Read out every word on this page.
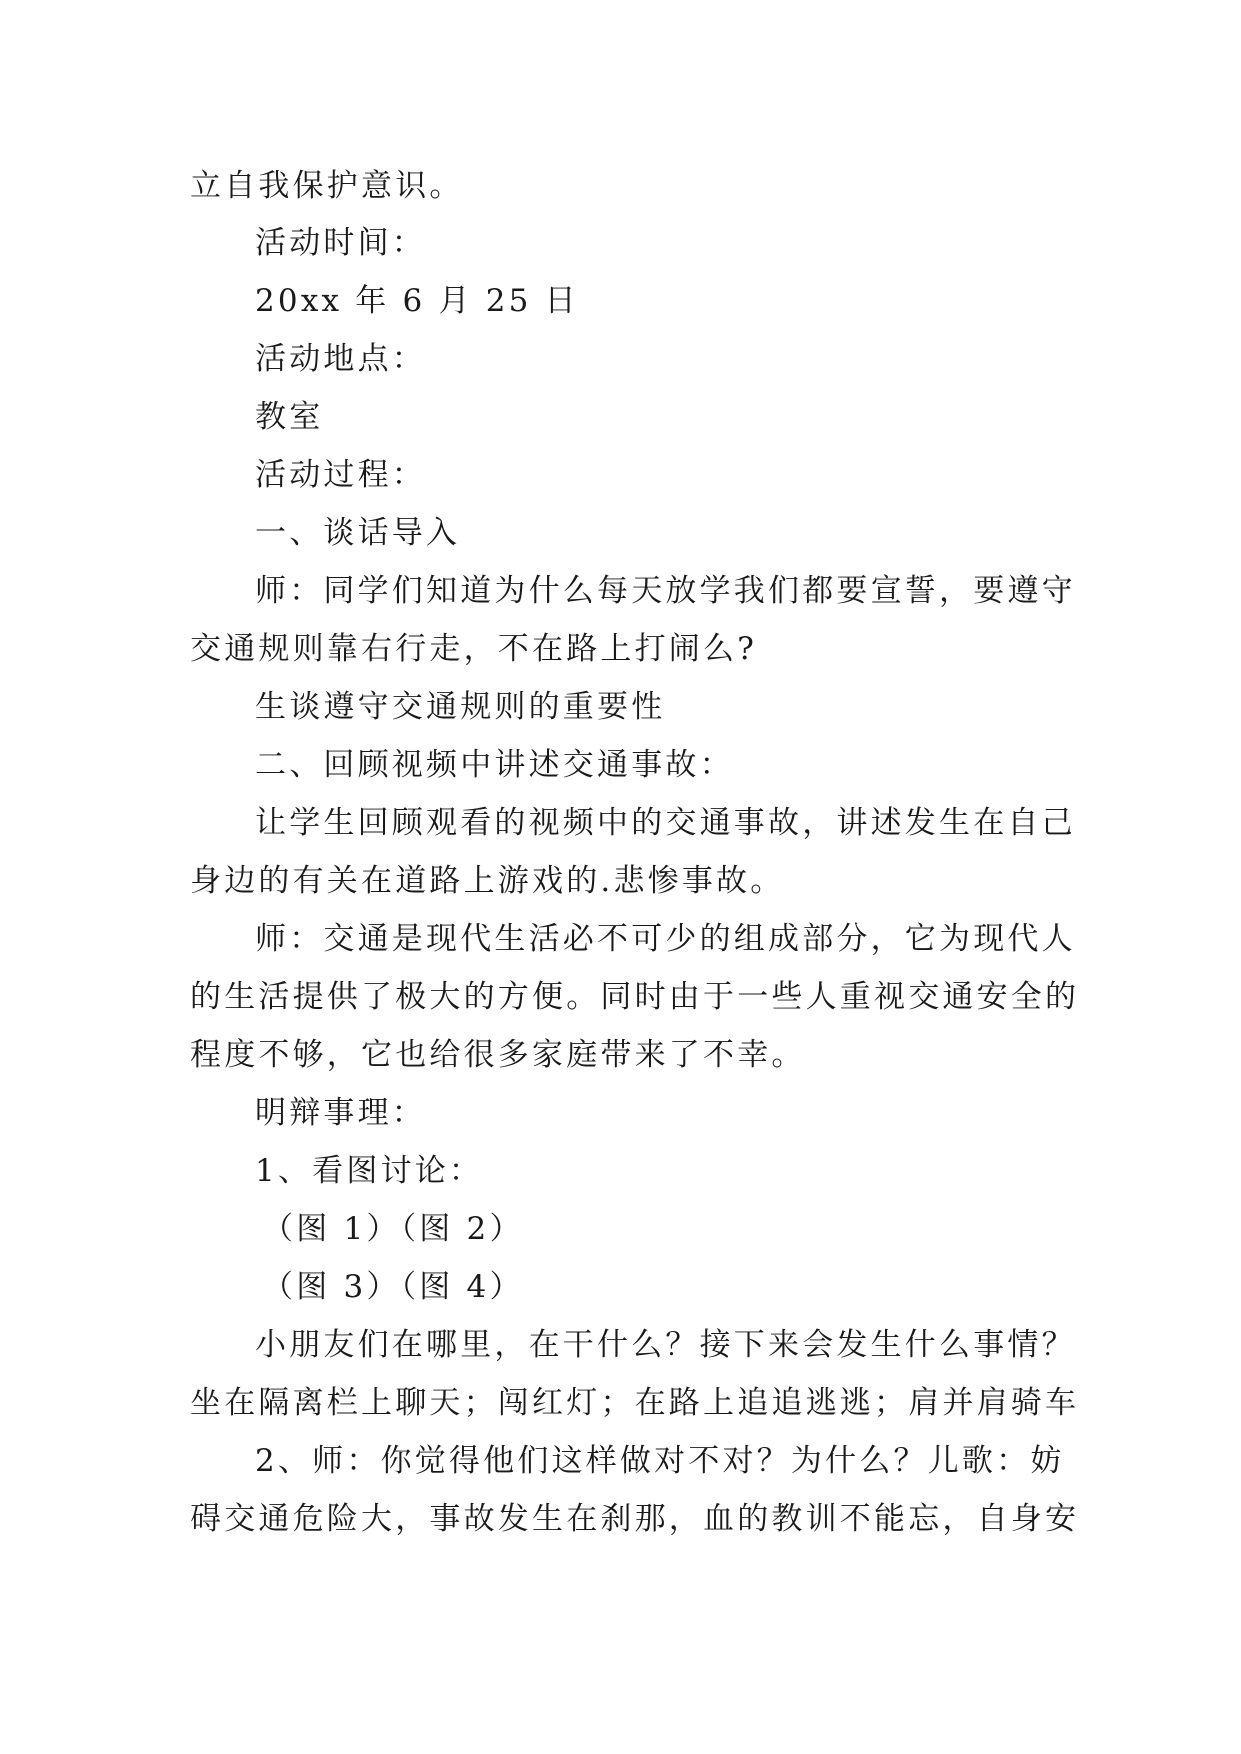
立自我保护意识。
活动时间：
20xx 年 6 月 25 日
活动地点：
教室
活动过程：
一、谈话导入
师：同学们知道为什么每天放学我们都要宣誓，要遵守
交通规则靠右行走，不在路上打闹么?
生谈遵守交通规则的重要性
二、回顾视频中讲述交通事故：
让学生回顾观看的视频中的交通事故，讲述发生在自己
身边的有关在道路上游戏的.悲惨事故。
师：交通是现代生活必不可少的组成部分，它为现代人
的生活提供了极大的方便。同时由于一些人重视交通安全的
程度不够，它也给很多家庭带来了不幸。
明辩事理：
1、看图讨论：
（图 1）（图 2）
（图 3）（图 4）
小朋友们在哪里，在干什么？接下来会发生什么事情？
坐在隔离栏上聊天；闯红灯；在路上追追逃逃；肩并肩骑车
2、师：你觉得他们这样做对不对？为什么？儿歌：妨
碍交通危险大，事故发生在刹那，血的教训不能忘，自身安
